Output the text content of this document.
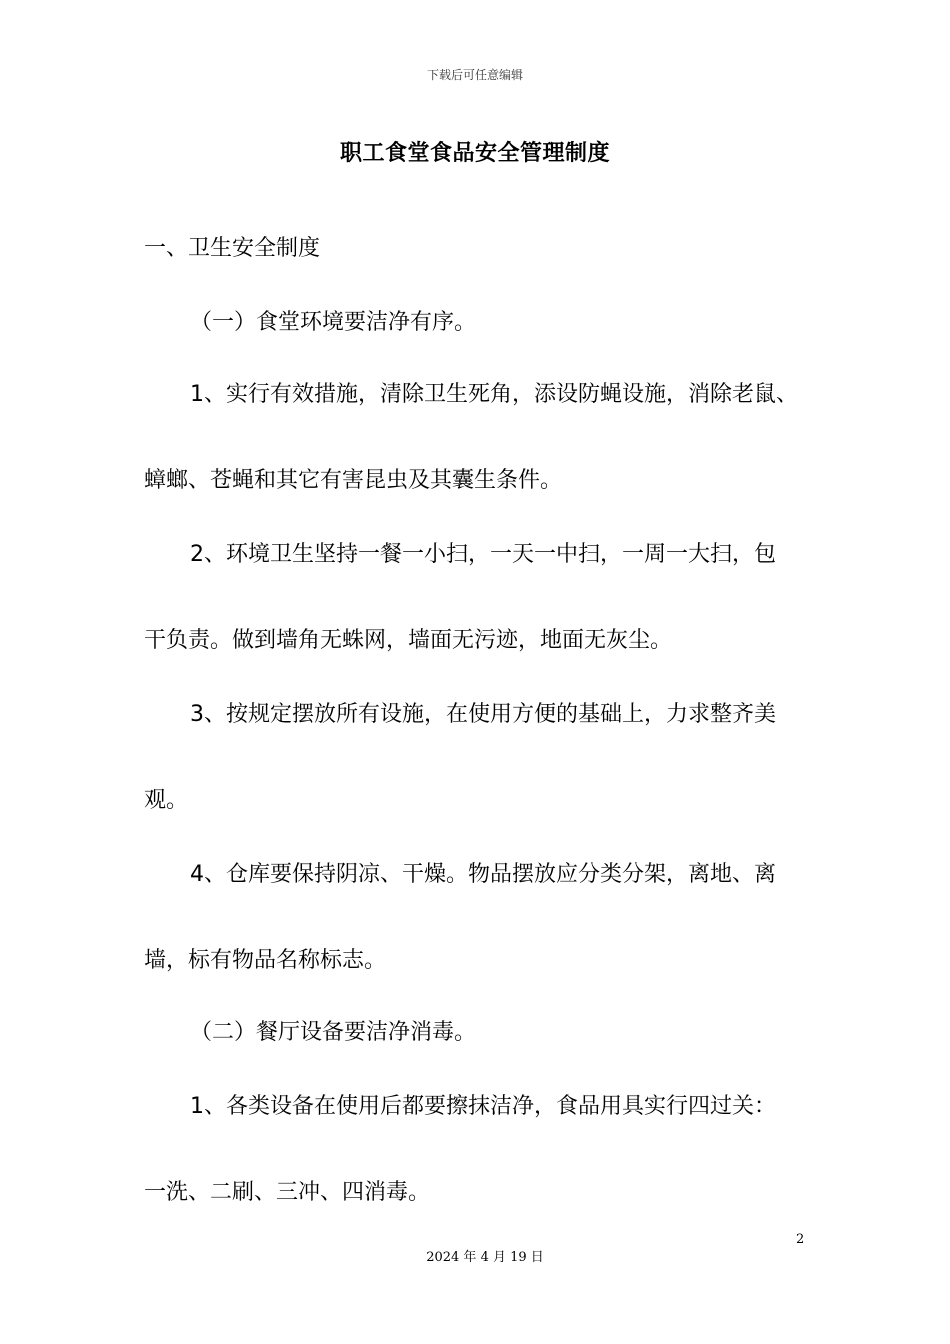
下载后可任意编辑
职工食堂食品安全管理制度
一、卫生安全制度
（一）食堂环境要洁净有序。
1、实行有效措施，清除卫生死角，添设防蝇设施，消除老鼠、
蟑螂、苍蝇和其它有害昆虫及其囊生条件。
2、环境卫生坚持一餐一小扫，一天一中扫，一周一大扫，包
干负责。做到墙角无蛛网，墙面无污迹，地面无灰尘。
3、按规定摆放所有设施，在使用方便的基础上，力求整齐美
观。
4、仓库要保持阴凉、干燥。物品摆放应分类分架，离地、离
墙，标有物品名称标志。
（二）餐厅设备要洁净消毒。
1、各类设备在使用后都要擦抹洁净，食品用具实行四过关：
一洗、二刷、三冲、四消毒。
2
2024 年 4 月 19 日
